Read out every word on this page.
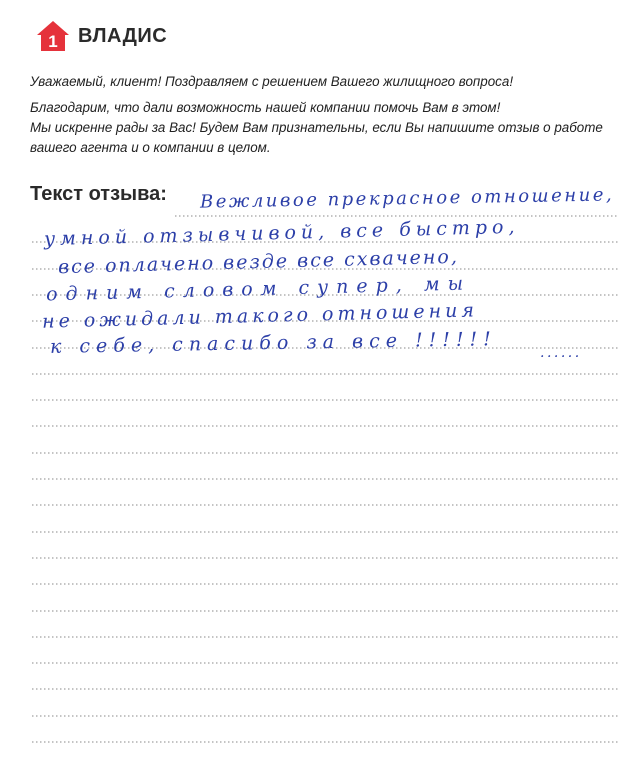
1 ВЛАДИС

Уважаемый, клиент! Поздравляем с решением Вашего жилищного вопроса!

Благодарим, что дали возможность нашей компании помочь Вам в этом!
Мы искренне рады за Вас! Будем Вам признательны, если Вы напишите отзыв о работе
вашего агента и о компании в целом.

Текст отзыва: Вежливое прекрасное отношение,
умной отзывчивой, все быстро,
все оплачено везде все схвачено,
одним словом супер, мы
не ожидали такого отношения
к себе, спасибо за все !!!!!!	......
